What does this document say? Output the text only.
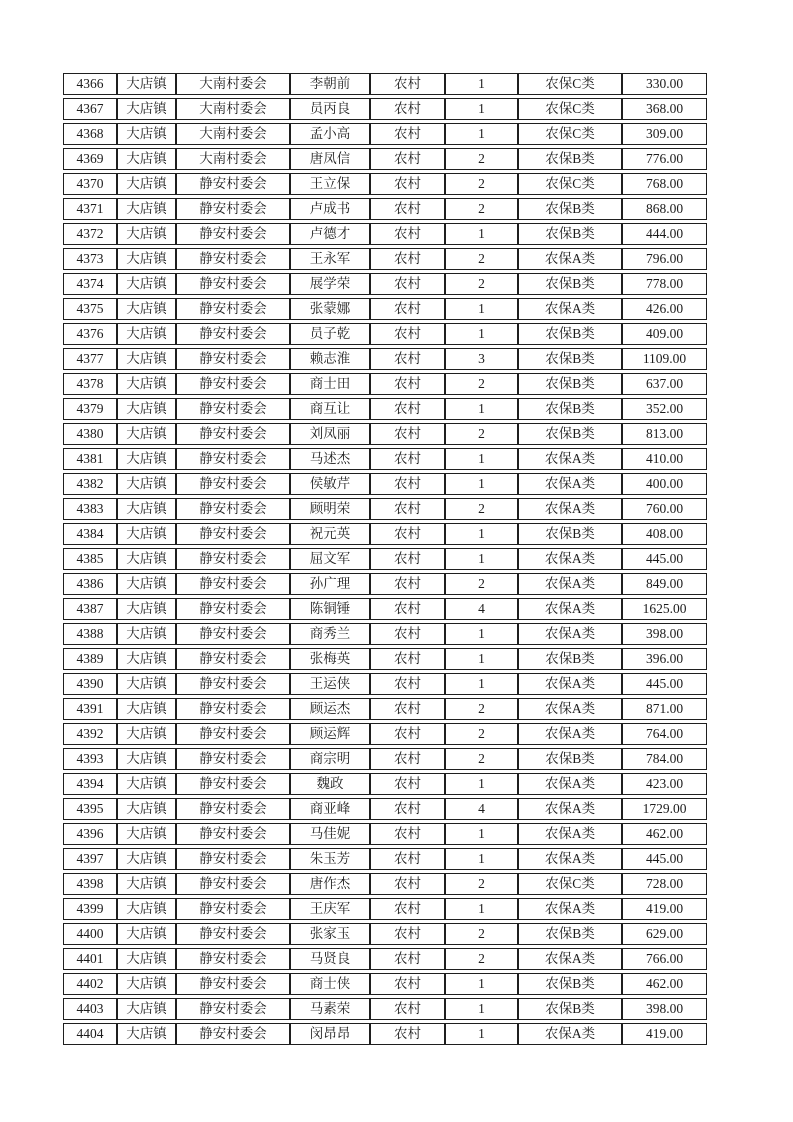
4366	大店镇	大南村委会	李朝前	农村	1	农保C类	330.00
4367	大店镇	大南村委会	员丙良	农村	1	农保C类	368.00
4368	大店镇	大南村委会	孟小高	农村	1	农保C类	309.00
4369	大店镇	大南村委会	唐凤信	农村	2	农保B类	776.00
4370	大店镇	静安村委会	王立保	农村	2	农保C类	768.00
4371	大店镇	静安村委会	卢成书	农村	2	农保B类	868.00
4372	大店镇	静安村委会	卢德才	农村	1	农保B类	444.00
4373	大店镇	静安村委会	王永军	农村	2	农保A类	796.00
4374	大店镇	静安村委会	展学荣	农村	2	农保B类	778.00
4375	大店镇	静安村委会	张蒙娜	农村	1	农保A类	426.00
4376	大店镇	静安村委会	员子乾	农村	1	农保B类	409.00
4377	大店镇	静安村委会	赖志淮	农村	3	农保B类	1109.00
4378	大店镇	静安村委会	商士田	农村	2	农保B类	637.00
4379	大店镇	静安村委会	商互让	农村	1	农保B类	352.00
4380	大店镇	静安村委会	刘凤丽	农村	2	农保B类	813.00
4381	大店镇	静安村委会	马述杰	农村	1	农保A类	410.00
4382	大店镇	静安村委会	侯敏芹	农村	1	农保A类	400.00
4383	大店镇	静安村委会	顾明荣	农村	2	农保A类	760.00
4384	大店镇	静安村委会	祝元英	农村	1	农保B类	408.00
4385	大店镇	静安村委会	屈文军	农村	1	农保A类	445.00
4386	大店镇	静安村委会	孙广理	农村	2	农保A类	849.00
4387	大店镇	静安村委会	陈铜锤	农村	4	农保A类	1625.00
4388	大店镇	静安村委会	商秀兰	农村	1	农保A类	398.00
4389	大店镇	静安村委会	张梅英	农村	1	农保B类	396.00
4390	大店镇	静安村委会	王运侠	农村	1	农保A类	445.00
4391	大店镇	静安村委会	顾运杰	农村	2	农保A类	871.00
4392	大店镇	静安村委会	顾运辉	农村	2	农保A类	764.00
4393	大店镇	静安村委会	商宗明	农村	2	农保B类	784.00
4394	大店镇	静安村委会	魏政	农村	1	农保A类	423.00
4395	大店镇	静安村委会	商亚峰	农村	4	农保A类	1729.00
4396	大店镇	静安村委会	马佳妮	农村	1	农保A类	462.00
4397	大店镇	静安村委会	朱玉芳	农村	1	农保A类	445.00
4398	大店镇	静安村委会	唐作杰	农村	2	农保C类	728.00
4399	大店镇	静安村委会	王庆军	农村	1	农保A类	419.00
4400	大店镇	静安村委会	张家玉	农村	2	农保B类	629.00
4401	大店镇	静安村委会	马贤良	农村	2	农保A类	766.00
4402	大店镇	静安村委会	商士侠	农村	1	农保B类	462.00
4403	大店镇	静安村委会	马素荣	农村	1	农保B类	398.00
4404	大店镇	静安村委会	闵昂昂	农村	1	农保A类	419.00
